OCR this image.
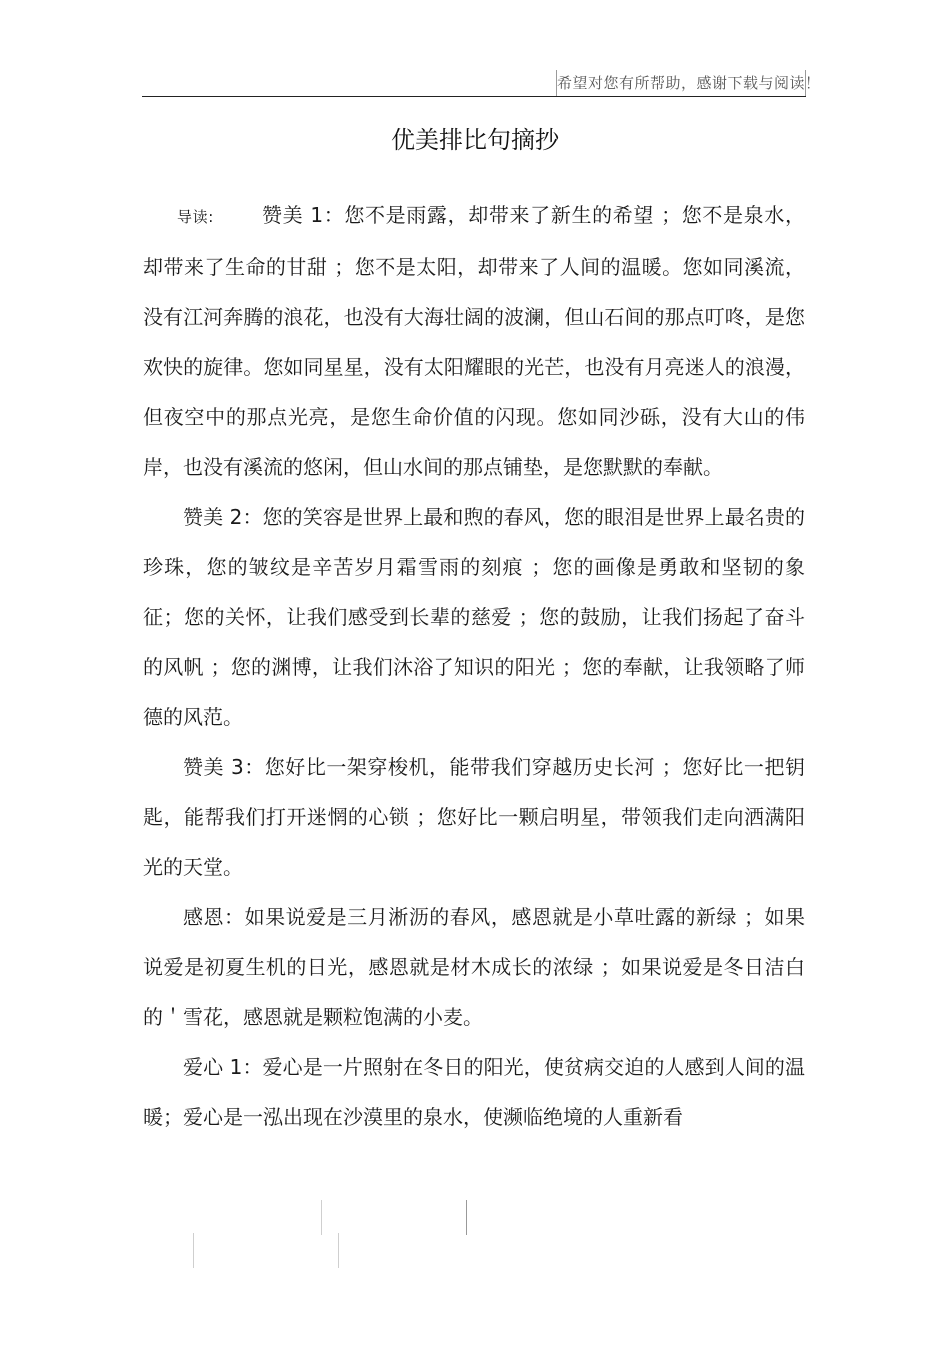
希望对您有所帮助，感谢下载与阅读！
优美排比句摘抄

导读: 赞美 1：您不是雨露，却带来了新生的希望 ；您不是泉水，却带来了生命的甘甜 ；您不是太阳，却带来了人间的温暖。您如同溪流，没有江河奔腾的浪花，也没有大海壮阔的波澜，但山石间的那点叮咚，是您欢快的旋律。您如同星星，没有太阳耀眼的光芒，也没有月亮迷人的浪漫，但夜空中的那点光亮，是您生命价值的闪现。您如同沙砾，没有大山的伟岸，也没有溪流的悠闲，但山水间的那点铺垫，是您默默的奉献。

赞美 2：您的笑容是世界上最和煦的春风，您的眼泪是世界上最名贵的珍珠，您的皱纹是辛苦岁月霜雪雨的刻痕 ；您的画像是勇敢和坚韧的象征；您的关怀，让我们感受到长辈的慈爱 ；您的鼓励，让我们扬起了奋斗的风帆 ；您的渊博，让我们沐浴了知识的阳光 ；您的奉献，让我领略了师德的风范。

赞美 3：您好比一架穿梭机，能带我们穿越历史长河 ；您好比一把钥匙，能帮我们打开迷惘的心锁 ；您好比一颗启明星，带领我们走向洒满阳光的天堂。

感恩：如果说爱是三月淅沥的春风，感恩就是小草吐露的新绿 ；如果说爱是初夏生机的日光，感恩就是材木成长的浓绿 ；如果说爱是冬日洁白的＇雪花，感恩就是颗粒饱满的小麦。

爱心 1：爱心是一片照射在冬日的阳光，使贫病交迫的人感到人间的温暖；爱心是一泓出现在沙漠里的泉水，使濒临绝境的人重新看
